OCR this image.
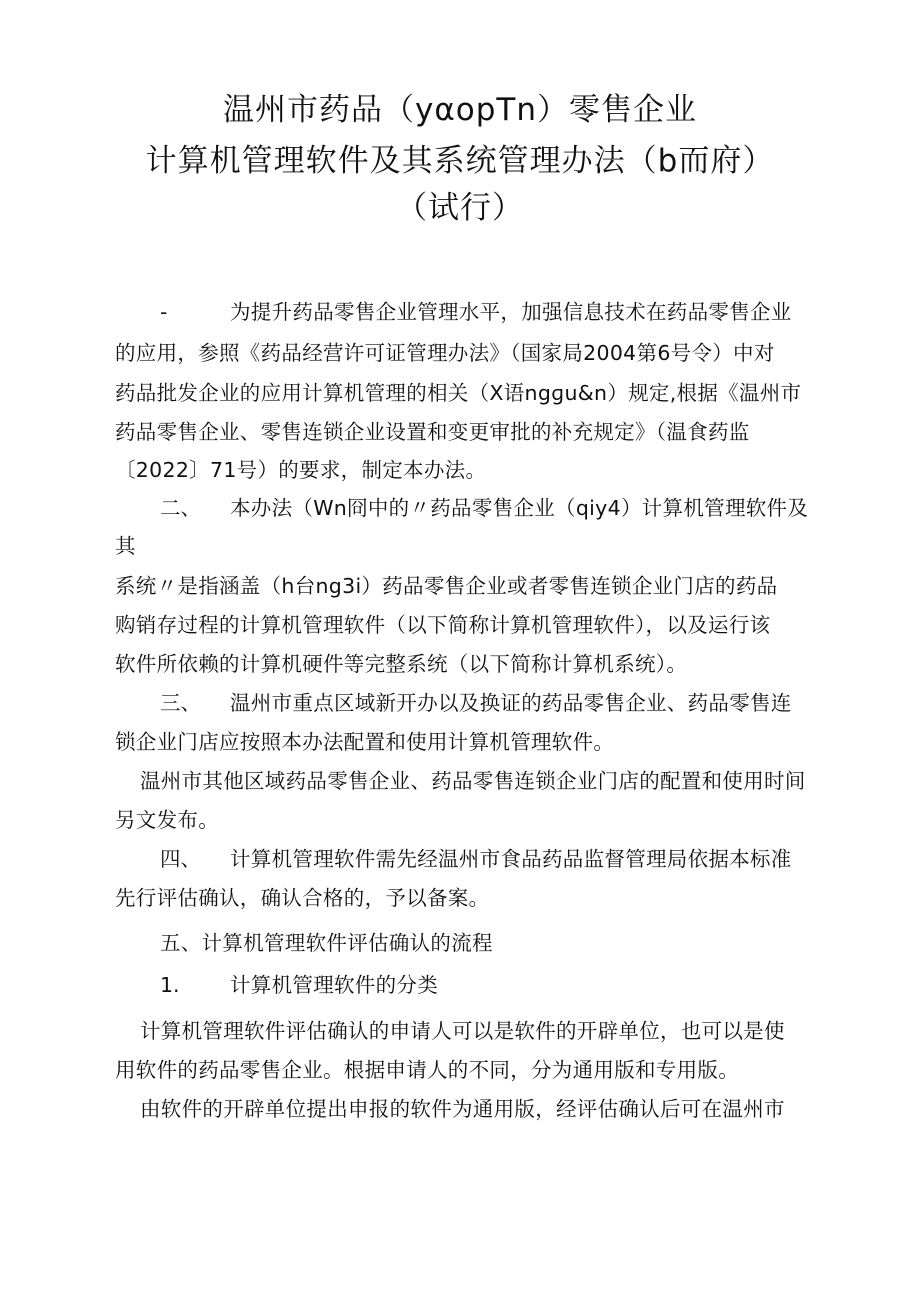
温州市药品（yαopTn）零售企业
计算机管理软件及其系统管理办法（b而府）
（试行）
-	为提升药品零售企业管理水平，加强信息技术在药品零售企业
的应用，参照《药品经营许可证管理办法》（国家局2004第6号令）中对
药品批发企业的应用计算机管理的相关（X语ngɡu&n）规定,根据《温州市
药品零售企业、零售连锁企业设置和变更审批的补充规定》（温食药监
〔2022〕71号）的要求，制定本办法。
二、 本办法（Wn冏中的〃药品零售企业（qiy4）计算机管理软件及
其
系统〃是指涵盖（h台ng3i）药品零售企业或者零售连锁企业门店的药品
购销存过程的计算机管理软件（以下简称计算机管理软件），以及运行该
软件所依赖的计算机硬件等完整系统（以下简称计算机系统）。
三、 温州市重点区域新开办以及换证的药品零售企业、药品零售连
锁企业门店应按照本办法配置和使用计算机管理软件。
温州市其他区域药品零售企业、药品零售连锁企业门店的配置和使用时间
另文发布。
四、 计算机管理软件需先经温州市食品药品监督管理局依据本标准
先行评估确认，确认合格的，予以备案。
五、计算机管理软件评估确认的流程
1. 计算机管理软件的分类
计算机管理软件评估确认的申请人可以是软件的开辟单位，也可以是使
用软件的药品零售企业。根据申请人的不同，分为通用版和专用版。
由软件的开辟单位提出申报的软件为通用版，经评估确认后可在温州市
